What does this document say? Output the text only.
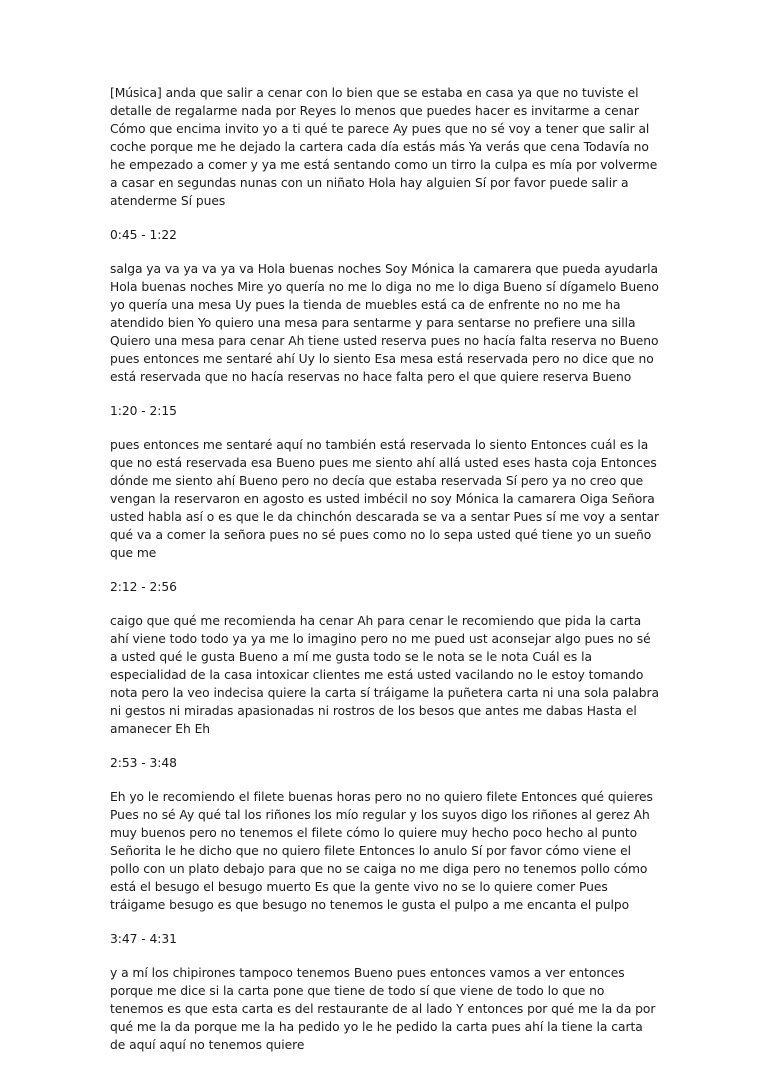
[Música] anda que salir a cenar con lo bien que se estaba en casa ya que no tuviste el detalle de regalarme nada por Reyes lo menos que puedes hacer es invitarme a cenar Cómo que encima invito yo a ti qué te parece Ay pues que no sé voy a tener que salir al coche porque me he dejado la cartera cada día estás más Ya verás que cena Todavía no he empezado a comer y ya me está sentando como un tirro la culpa es mía por volverme a casar en segundas nunas con un niñato Hola hay alguien Sí por favor puede salir a atenderme Sí pues

0:45 - 1:22

salga ya va ya va ya va Hola buenas noches Soy Mónica la camarera que pueda ayudarla Hola buenas noches Mire yo quería no me lo diga no me lo diga Bueno sí dígamelo Bueno yo quería una mesa Uy pues la tienda de muebles está ca de enfrente no no me ha atendido bien Yo quiero una mesa para sentarme y para sentarse no prefiere una silla Quiero una mesa para cenar Ah tiene usted reserva pues no hacía falta reserva no Bueno pues entonces me sentaré ahí Uy lo siento Esa mesa está reservada pero no dice que no está reservada que no hacía reservas no hace falta pero el que quiere reserva Bueno

1:20 - 2:15

pues entonces me sentaré aquí no también está reservada lo siento Entonces cuál es la que no está reservada esa Bueno pues me siento ahí allá usted eses hasta coja Entonces dónde me siento ahí Bueno pero no decía que estaba reservada Sí pero ya no creo que vengan la reservaron en agosto es usted imbécil no soy Mónica la camarera Oiga Señora usted habla así o es que le da chinchón descarada se va a sentar Pues sí me voy a sentar qué va a comer la señora pues no sé pues como no lo sepa usted qué tiene yo un sueño que me

2:12 - 2:56

caigo que qué me recomienda ha cenar Ah para cenar le recomiendo que pida la carta ahí viene todo todo ya ya me lo imagino pero no me pued ust aconsejar algo pues no sé a usted qué le gusta Bueno a mí me gusta todo se le nota se le nota Cuál es la especialidad de la casa intoxicar clientes me está usted vacilando no le estoy tomando nota pero la veo indecisa quiere la carta sí tráigame la puñetera carta ni una sola palabra ni gestos ni miradas apasionadas ni rostros de los besos que antes me dabas Hasta el amanecer Eh Eh

2:53 - 3:48

Eh yo le recomiendo el filete buenas horas pero no no quiero filete Entonces qué quieres Pues no sé Ay qué tal los riñones los mío regular y los suyos digo los riñones al gerez Ah muy buenos pero no tenemos el filete cómo lo quiere muy hecho poco hecho al punto Señorita le he dicho que no quiero filete Entonces lo anulo Sí por favor cómo viene el pollo con un plato debajo para que no se caiga no me diga pero no tenemos pollo cómo está el besugo el besugo muerto Es que la gente vivo no se lo quiere comer Pues tráigame besugo es que besugo no tenemos le gusta el pulpo a me encanta el pulpo

3:47 - 4:31

y a mí los chipirones tampoco tenemos Bueno pues entonces vamos a ver entonces porque me dice si la carta pone que tiene de todo sí que viene de todo lo que no tenemos es que esta carta es del restaurante de al lado Y entonces por qué me la da por qué me la da porque me la ha pedido yo le he pedido la carta pues ahí la tiene la carta de aquí aquí no tenemos quiere
